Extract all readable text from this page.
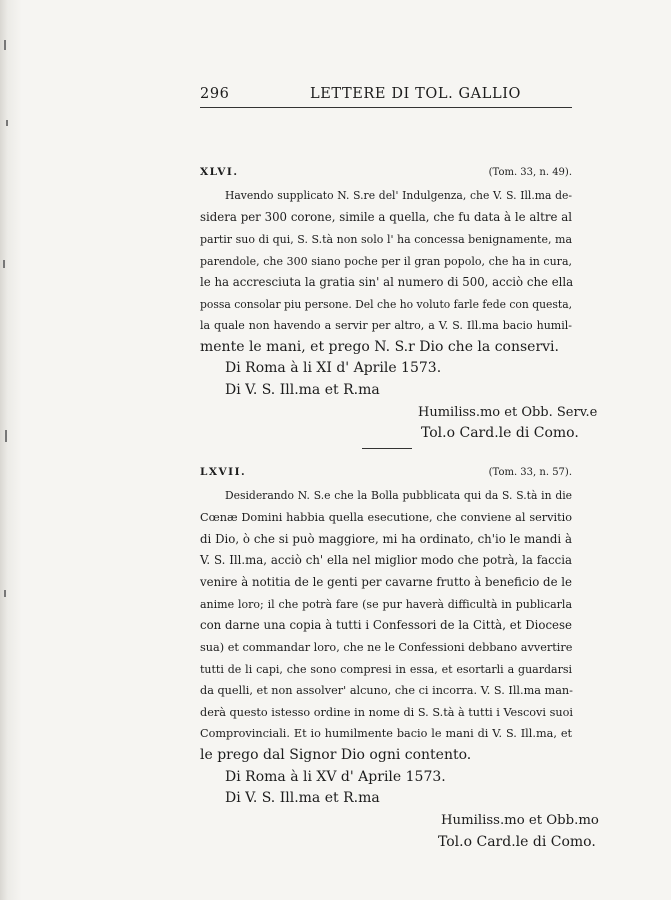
296	LETTERE DI TOL. GALLIO
XLVI.	(Tom. 33, n. 49).
Havendo supplicato N. S.re del' Indulgenza, che V. S. Ill.ma de-
sidera per 300 corone, simile a quella, che fu data à le altre al
partir suo di qui, S. S.tà non solo l' ha concessa benignamente, ma
parendole, che 300 siano poche per il gran popolo, che ha in cura,
le ha accresciuta la gratia sin' al numero di 500, acciò che ella
possa consolar piu persone. Del che ho voluto farle fede con questa,
la quale non havendo a servir per altro, a V. S. Ill.ma bacio humil-
mente le mani, et prego N. S.r Dio che la conservi.
Di Roma à li XI d' Aprile 1573.
Di V. S. Ill.ma et R.ma
Humiliss.mo et Obb. Serv.e
Tol.o Card.le di Como.
LXVII.	(Tom. 33, n. 57).
Desiderando N. S.e che la Bolla pubblicata qui da S. S.tà in die
Cœnæ Domini habbia quella esecutione, che conviene al servitio
di Dio, ò che si può maggiore, mi ha ordinato, ch'io le mandi à
V. S. Ill.ma, acciò ch' ella nel miglior modo che potrà, la faccia
venire à notitia de le genti per cavarne frutto à beneficio de le
anime loro; il che potrà fare (se pur haverà difficultà in publicarla
con darne una copia à tutti i Confessori de la Città, et Diocese
sua) et commandar loro, che ne le Confessioni debbano avvertire
tutti de li capi, che sono compresi in essa, et esortarli a guardarsi
da quelli, et non assolver' alcuno, che ci incorra. V. S. Ill.ma man-
derà questo istesso ordine in nome di S. S.tà à tutti i Vescovi suoi
Comprovinciali. Et io humilmente bacio le mani di V. S. Ill.ma, et
le prego dal Signor Dio ogni contento.
Di Roma à li XV d' Aprile 1573.
Di V. S. Ill.ma et R.ma
Humiliss.mo et Obb.mo
Tol.o Card.le di Como.
